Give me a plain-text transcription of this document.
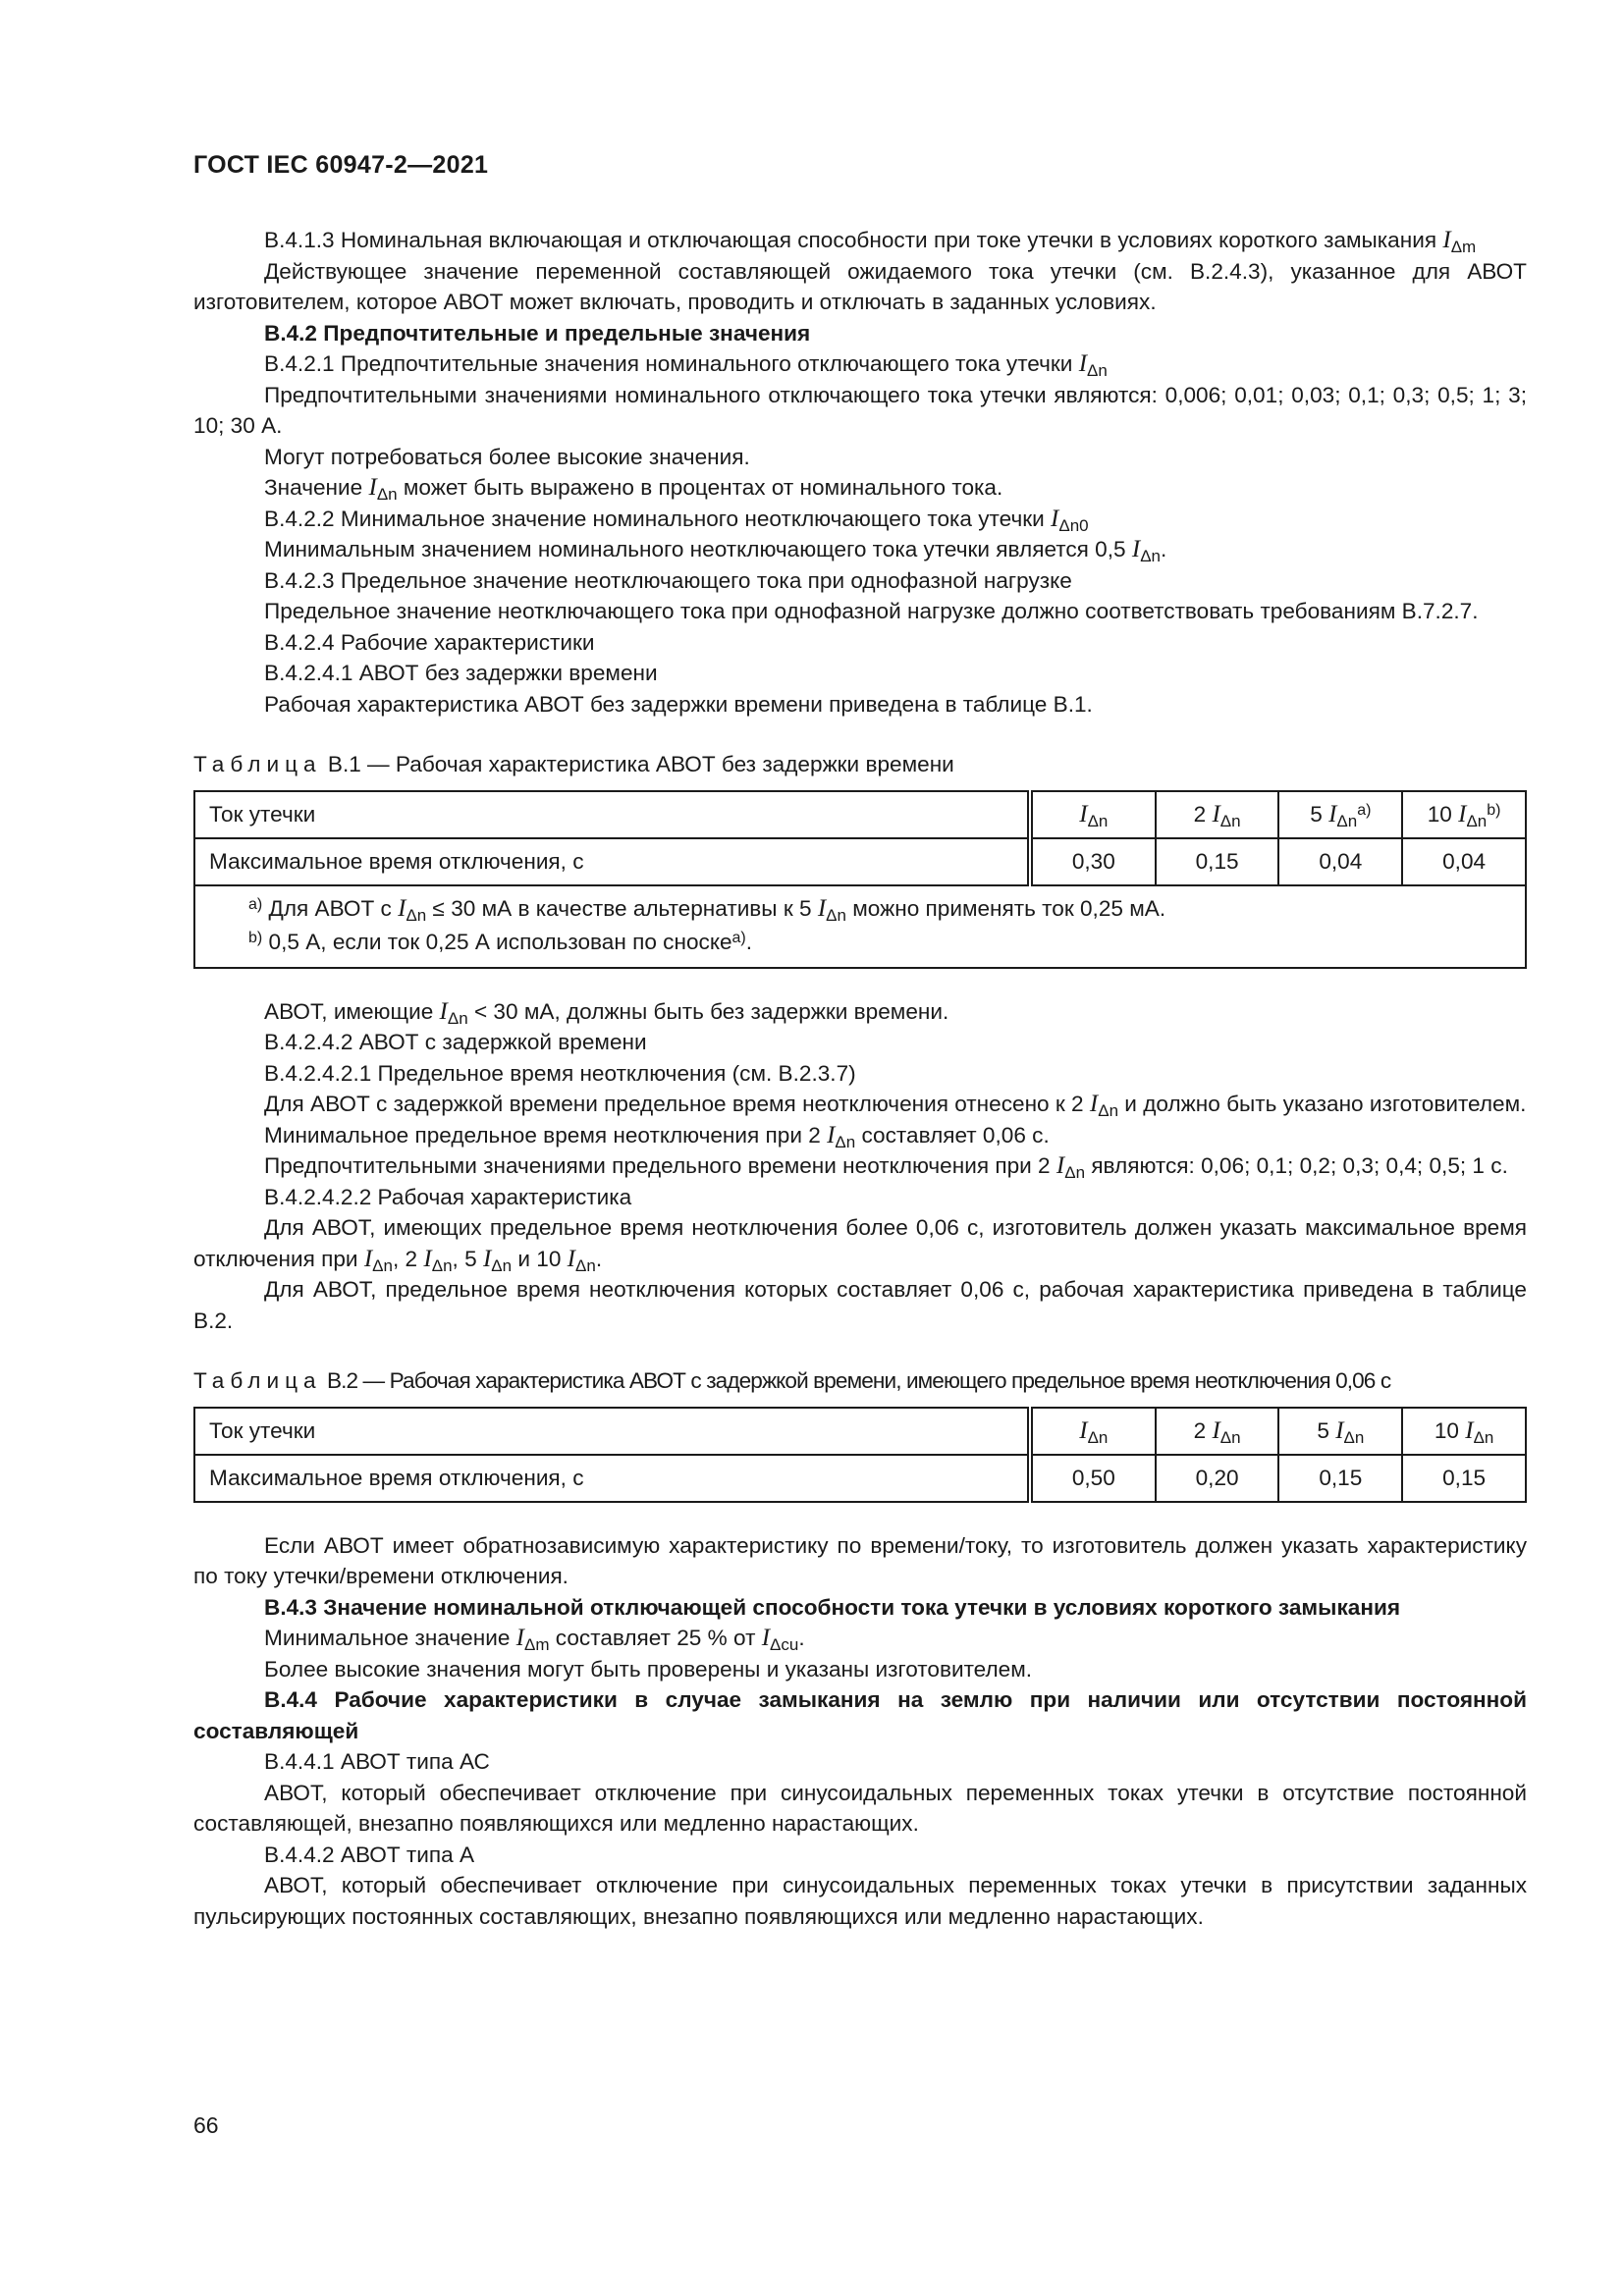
ГОСТ IEC 60947-2—2021

B.4.1.3 Номинальная включающая и отключающая способности при токе утечки в условиях короткого замыкания $I_{\Delta m}$

Действующее значение переменной составляющей ожидаемого тока утечки (см. B.2.4.3), указанное для АВОТ изготовителем, которое АВОТ может включать, проводить и отключать в заданных условиях.

B.4.2 Предпочтительные и предельные значения

B.4.2.1 Предпочтительные значения номинального отключающего тока утечки $I_{\Delta n}$

Предпочтительными значениями номинального отключающего тока утечки являются: 0,006; 0,01; 0,03; 0,1; 0,3; 0,5; 1; 3; 10; 30 А.

Могут потребоваться более высокие значения.

Значение $I_{\Delta n}$ может быть выражено в процентах от номинального тока.

B.4.2.2 Минимальное значение номинального неотключающего тока утечки $I_{\Delta n0}$

Минимальным значением номинального неотключающего тока утечки является 0,5 $I_{\Delta n}$.

B.4.2.3 Предельное значение неотключающего тока при однофазной нагрузке

Предельное значение неотключающего тока при однофазной нагрузке должно соответствовать требованиям B.7.2.7.

B.4.2.4 Рабочие характеристики

B.4.2.4.1 АВОТ без задержки времени

Рабочая характеристика АВОТ без задержки времени приведена в таблице B.1.

Таблица B.1 — Рабочая характеристика АВОТ без задержки времени

Ток утечки	$I_{\Delta n}$	2 $I_{\Delta n}$	5 $I_{\Delta n}^{a)}$	10 $I_{\Delta n}^{b)}$
Максимальное время отключения, с	0,30	0,15	0,04	0,04

$^{a)}$ Для АВОТ с $I_{\Delta n} \le 30$ мА в качестве альтернативы к 5 $I_{\Delta n}$ можно применять ток 0,25 мА.
$^{b)}$ 0,5 А, если ток 0,25 А использован по сноске$^{a)}$.				

АВОТ, имеющие $I_{\Delta n} < 30$ мА, должны быть без задержки времени.

B.4.2.4.2 АВОТ с задержкой времени

B.4.2.4.2.1 Предельное время неотключения (см. B.2.3.7)

Для АВОТ с задержкой времени предельное время неотключения отнесено к 2 $I_{\Delta n}$ и должно быть указано изготовителем.

Минимальное предельное время неотключения при 2 $I_{\Delta n}$ составляет 0,06 с.

Предпочтительными значениями предельного времени неотключения при 2 $I_{\Delta n}$ являются: 0,06; 0,1; 0,2; 0,3; 0,4; 0,5; 1 с.

B.4.2.4.2.2 Рабочая характеристика

Для АВОТ, имеющих предельное время неотключения более 0,06 с, изготовитель должен указать максимальное время отключения при $I_{\Delta n}$, 2 $I_{\Delta n}$, 5 $I_{\Delta n}$ и 10 $I_{\Delta n}$.

Для АВОТ, предельное время неотключения которых составляет 0,06 с, рабочая характеристика приведена в таблице B.2.

Таблица B.2 — Рабочая характеристика АВОТ с задержкой времени, имеющего предельное время неотключения 0,06 с

Ток утечки	$I_{\Delta n}$	2 $I_{\Delta n}$	5 $I_{\Delta n}$	10 $I_{\Delta n}$
Максимальное время отключения, с	0,50	0,20	0,15	0,15

Если АВОТ имеет обратнозависимую характеристику по времени/току, то изготовитель должен указать характеристику по току утечки/времени отключения.

B.4.3 Значение номинальной отключающей способности тока утечки в условиях короткого замыкания

Минимальное значение $I_{\Delta m}$ составляет 25 % от $I_{\Delta cu}$.

Более высокие значения могут быть проверены и указаны изготовителем.

B.4.4 Рабочие характеристики в случае замыкания на землю при наличии или отсутствии постоянной составляющей

B.4.4.1 АВОТ типа АС

АВОТ, который обеспечивает отключение при синусоидальных переменных токах утечки в отсутствие постоянной составляющей, внезапно появляющихся или медленно нарастающих.

B.4.4.2 АВОТ типа А

АВОТ, который обеспечивает отключение при синусоидальных переменных токах утечки в присутствии заданных пульсирующих постоянных составляющих, внезапно появляющихся или медленно нарастающих.

66
